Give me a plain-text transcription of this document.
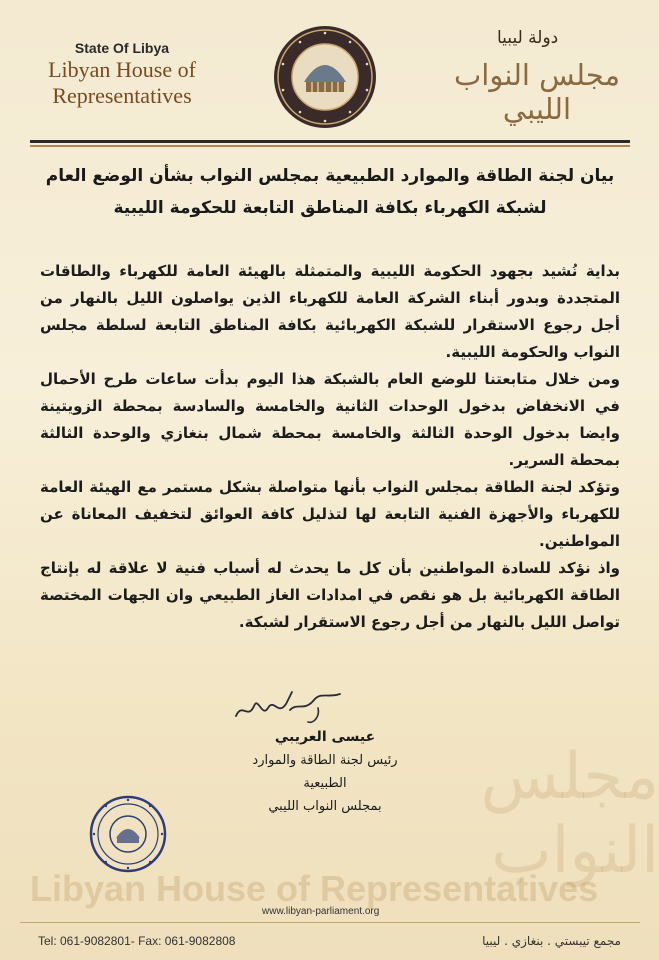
State Of Libya
Libyan House of
Representatives
دولة ليبيا
مجلس النواب الليبي
بيان لجنة الطاقة والموارد الطبيعية بمجلس النواب بشأن الوضع العام
لشبكة الكهرباء بكافة المناطق التابعة للحكومة الليبية

بداية نُشيد بجهود الحكومة الليبية والمتمثلة بالهيئة العامة للكهرباء والطاقات المتجددة وبدور أبناء الشركة العامة للكهرباء الذين يواصلون الليل بالنهار من أجل رجوع الاستقرار للشبكة الكهربائية بكافة المناطق التابعة لسلطة مجلس النواب والحكومة الليبية.

ومن خلال متابعتنا للوضع العام بالشبكة هذا اليوم بدأت ساعات طرح الأحمال في الانخفاض بدخول الوحدات الثانية والخامسة والسادسة بمحطة الزويتينة وايضا بدخول الوحدة الثالثة والخامسة بمحطة شمال بنغازي والوحدة الثالثة بمحطة السرير.

وتؤكد لجنة الطاقة بمجلس النواب بأنها متواصلة بشكل مستمر مع الهيئة العامة للكهرباء والأجهزة الفنية التابعة لها لتذليل كافة العوائق لتخفيف المعاناة عن المواطنين.

واذ نؤكد للسادة المواطنين بأن كل ما يحدث له أسباب فنية لا علاقة له بإنتاج الطاقة الكهربائية بل هو نقص في امدادات الغاز الطبيعي وان الجهات المختصة تواصل الليل بالنهار من أجل رجوع الاستقرار لشبكة.

مجلس النواب
عيسى العريبي
رئيس لجنة الطاقة والموارد الطبيعية
بمجلس النواب الليبي
Libyan House of Representatives
www.libyan-parliament.org
Tel: 061-9082801- Fax: 061-9082808	مجمع تيبستي . بنغازي . ليبيا
